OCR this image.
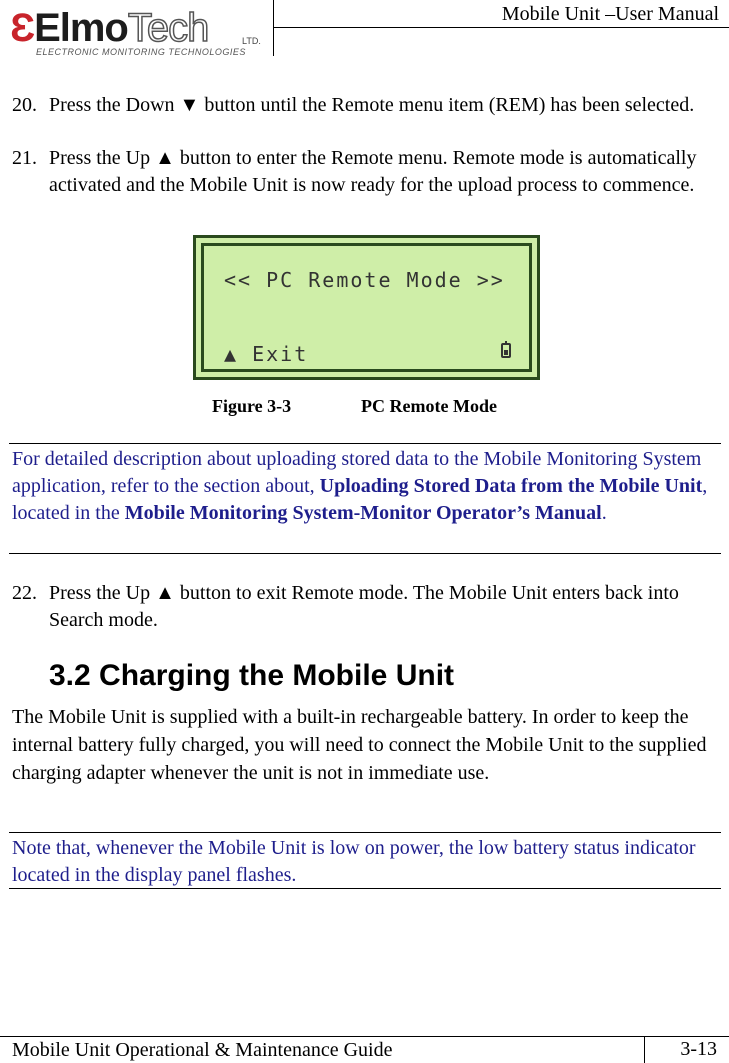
ƐElmoTech	LTD.
ELECTRONIC MONITORING TECHNOLOGIES
Mobile Unit –User Manual
20. Press the Down ▼ button until the Remote menu item (REM) has been selected.
21. Press the Up ▲ button to enter the Remote menu. Remote mode is automatically activated and the Mobile Unit is now ready for the upload process to commence.
<< PC Remote Mode >>
▲ Exit
Figure 3-3	PC Remote Mode
For detailed description about uploading stored data to the Mobile Monitoring System application, refer to the section about, Uploading Stored Data from the Mobile Unit, located in the Mobile Monitoring System-Monitor Operator’s Manual.
22. Press the Up ▲ button to exit Remote mode. The Mobile Unit enters back into Search mode.
3.2 Charging the Mobile Unit
The Mobile Unit is supplied with a built-in rechargeable battery. In order to keep the internal battery fully charged, you will need to connect the Mobile Unit to the supplied charging adapter whenever the unit is not in immediate use.
Note that, whenever the Mobile Unit is low on power, the low battery status indicator located in the display panel flashes.
Mobile Unit Operational & Maintenance Guide	3-13
